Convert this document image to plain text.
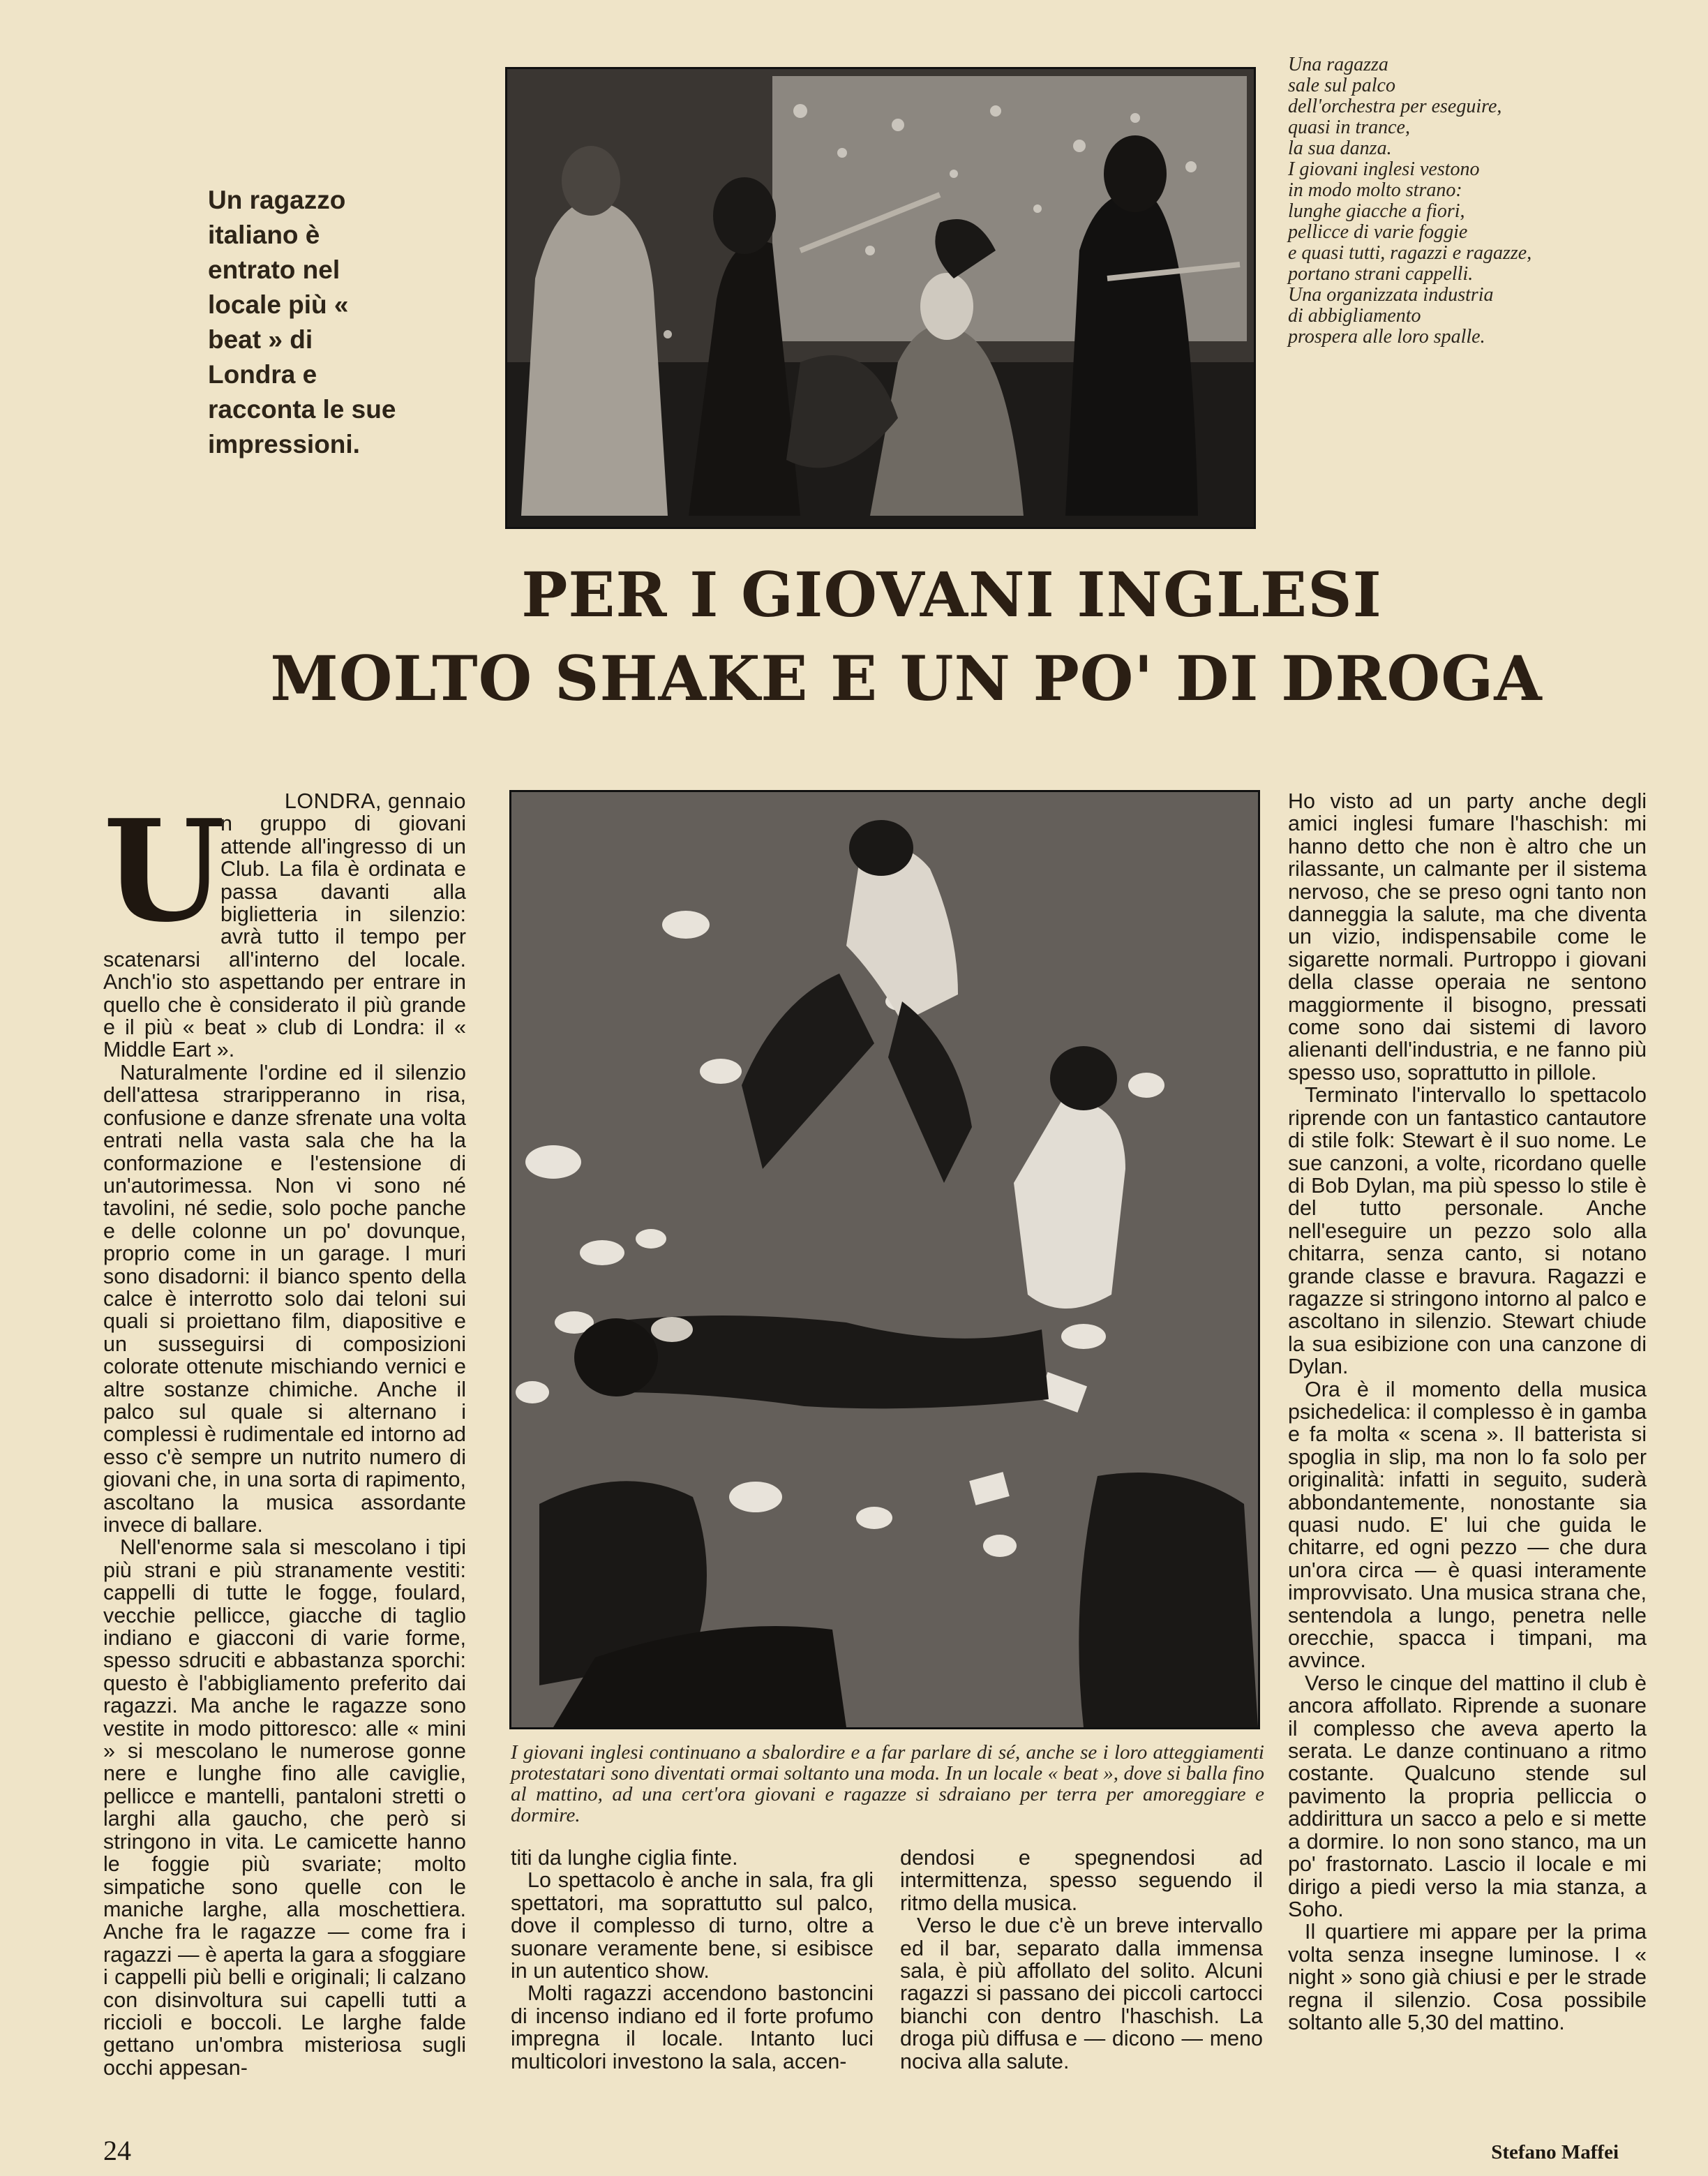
Un ragazzo italiano è entrato nel locale più « beat » di Londra e racconta le sue impressioni.
Una ragazza
sale sul palco
dell'orchestra per eseguire,
quasi in trance,
la sua danza.
I giovani inglesi vestono
in modo molto strano:
lunghe giacche a fiori,
pellicce di varie foggie
e quasi tutti, ragazzi e ragazze,
portano strani cappelli.
Una organizzata industria
di abbigliamento
prospera alle loro spalle.
PER I GIOVANI INGLESI
MOLTO SHAKE E UN PO' DI DROGA

LONDRA, gennaio

U

n gruppo di giovani attende all'ingresso di un Club. La fila è ordinata e passa davanti alla biglietteria in silenzio: avrà tutto il tempo per scatenarsi all'interno del locale. Anch'io sto aspettando per entrare in quello che è considerato il più grande e il più « beat » club di Londra: il « Middle Eart ».

Naturalmente l'ordine ed il silenzio dell'attesa straripperanno in risa, confusione e danze sfrenate una volta entrati nella vasta sala che ha la conformazione e l'estensione di un'autorimessa. Non vi sono né tavolini, né sedie, solo poche panche e delle colonne un po' dovunque, proprio come in un garage. I muri sono disadorni: il bianco spento della calce è interrotto solo dai teloni sui quali si proiettano film, diapositive e un susseguirsi di composizioni colorate ottenute mischiando vernici e altre sostanze chimiche. Anche il palco sul quale si alternano i complessi è rudimentale ed intorno ad esso c'è sempre un nutrito numero di giovani che, in una sorta di rapimento, ascoltano la musica assordante invece di ballare.

Nell'enorme sala si mescolano i tipi più strani e più stranamente vestiti: cappelli di tutte le fogge, foulard, vecchie pellicce, giacche di taglio indiano e giacconi di varie forme, spesso sdruciti e abbastanza sporchi: questo è l'abbigliamento preferito dai ragazzi. Ma anche le ragazze sono vestite in modo pittoresco: alle « mini » si mescolano le numerose gonne nere e lunghe fino alle caviglie, pellicce e mantelli, pantaloni stretti o larghi alla gaucho, che però si stringono in vita. Le camicette hanno le foggie più svariate; molto simpatiche sono quelle con le maniche larghe, alla moschettiera. Anche fra le ragazze — come fra i ragazzi — è aperta la gara a sfoggiare i cappelli più belli e originali; li calzano con disinvoltura sui capelli tutti a riccioli e boccoli. Le larghe falde gettano un'ombra misteriosa sugli occhi appesan-

I giovani inglesi continuano a sbalordire e a far parlare di sé, anche se i loro atteggiamenti protestatari sono diventati ormai soltanto una moda. In un locale « beat », dove si balla fino al mattino, ad una cert'ora giovani e ragazze si sdraiano per terra per amoreggiare e dormire.

titi da lunghe ciglia finte.

Lo spettacolo è anche in sala, fra gli spettatori, ma soprattutto sul palco, dove il complesso di turno, oltre a suonare veramente bene, si esibisce in un autentico show.

Molti ragazzi accendono bastoncini di incenso indiano ed il forte profumo impregna il locale. Intanto luci multicolori investono la sala, accen-

dendosi e spegnendosi ad intermittenza, spesso seguendo il ritmo della musica.

Verso le due c'è un breve intervallo ed il bar, separato dalla immensa sala, è più affollato del solito. Alcuni ragazzi si passano dei piccoli cartocci bianchi con dentro l'haschish. La droga più diffusa e — dicono — meno nociva alla salute.

Ho visto ad un party anche degli amici inglesi fumare l'haschish: mi hanno detto che non è altro che un rilassante, un calmante per il sistema nervoso, che se preso ogni tanto non danneggia la salute, ma che diventa un vizio, indispensabile come le sigarette normali. Purtroppo i giovani della classe operaia ne sentono maggiormente il bisogno, pressati come sono dai sistemi di lavoro alienanti dell'industria, e ne fanno più spesso uso, soprattutto in pillole.

Terminato l'intervallo lo spettacolo riprende con un fantastico cantautore di stile folk: Stewart è il suo nome. Le sue canzoni, a volte, ricordano quelle di Bob Dylan, ma più spesso lo stile è del tutto personale. Anche nell'eseguire un pezzo solo alla chitarra, senza canto, si notano grande classe e bravura. Ragazzi e ragazze si stringono intorno al palco e ascoltano in silenzio. Stewart chiude la sua esibizione con una canzone di Dylan.

Ora è il momento della musica psichedelica: il complesso è in gamba e fa molta « scena ». Il batterista si spoglia in slip, ma non lo fa solo per originalità: infatti in seguito, suderà abbondantemente, nonostante sia quasi nudo. E' lui che guida le chitarre, ed ogni pezzo — che dura un'ora circa — è quasi interamente improvvisato. Una musica strana che, sentendola a lungo, penetra nelle orecchie, spacca i timpani, ma avvince.

Verso le cinque del mattino il club è ancora affollato. Riprende a suonare il complesso che aveva aperto la serata. Le danze continuano a ritmo costante. Qualcuno stende sul pavimento la propria pelliccia o addirittura un sacco a pelo e si mette a dormire. Io non sono stanco, ma un po' frastornato. Lascio il locale e mi dirigo a piedi verso la mia stanza, a Soho.

Il quartiere mi appare per la prima volta senza insegne luminose. I « night » sono già chiusi e per le strade regna il silenzio. Cosa possibile soltanto alle 5,30 del mattino.

Stefano Maffei
24
